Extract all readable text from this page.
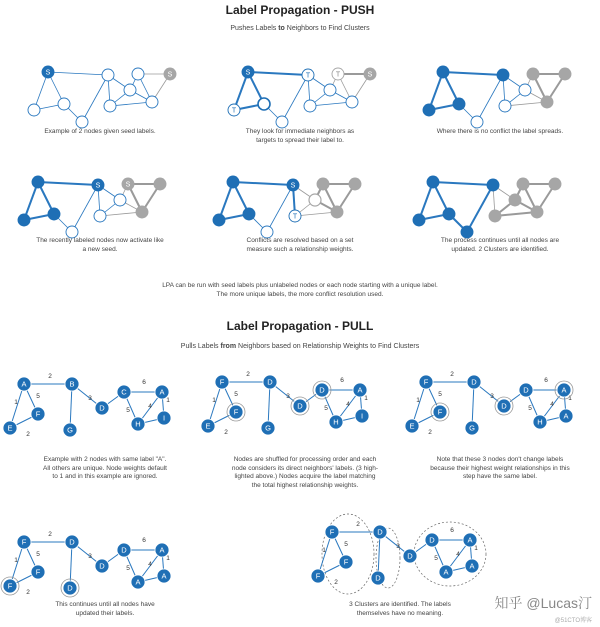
Label Propagation - PUSH

Pushes Labels to Neighbors to Find Clusters

S	S	S
T
T	T	S
S	S	S
T
2
1
5
2
3
6
4
5
1
A	B
F
E	G
D
C	A
H
I
2
1
5
2
3
6
4
5
1
F	D
F
E	G
D
D	A
H
I
2
1
5
2
3
6
4
5
1
F	D
F
E	G
D
D	A
H
A
2
1
5
2
3
6
4
5
1
F	D
F
F	D
D
D	A
A
A
2
1
5
2
3
6
4
5
1
F	D
F
F	D
D
D	A
A
A
Example of 2 nodes given seed labels.	They look for immediate neighbors as
targets to spread their label to.
Where there is no conflict the label spreads.
The recently labeled nodes now activate like
a new seed.
Conflicts are resolved based on a set
measure such a relationship weights.
The process continues until all nodes are
updated. 2 Clusters are identified.
LPA can be run with seed labels plus unlabeled nodes or each node starting with a unique label.
The more unique labels, the more conflict resolution used.

Label Propagation - PULL

Pulls Labels from Neighbors based on Relationship Weights to Find Clusters

Example with 2 nodes with same label "A".
All others are unique. Node weights default
to 1 and in this example are ignored.
Nodes are shuffled for processing order and each
node considers its direct neighbors' labels. (3 high-
lighted above.) Nodes acquire the label matching
the total highest relationship weights.
Note that these 3 nodes don't change labels
because their highest weight relationships in this
step have the same label.
This continues until all nodes have
updated their labels.
3 Clusters are identified. The labels
themselves have no meaning.
知乎 @Lucas汀
@51CTO博客
